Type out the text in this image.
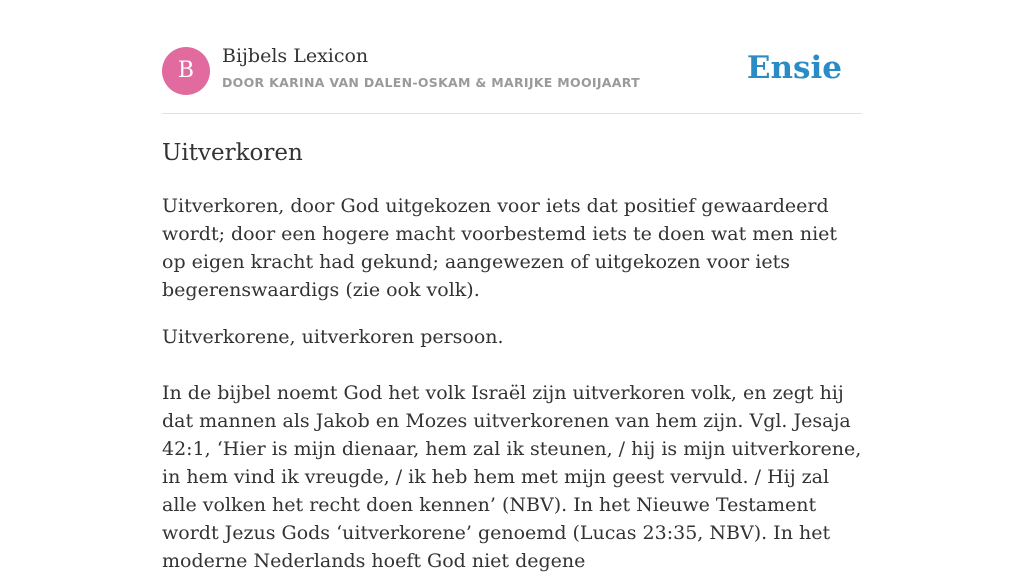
B
Bijbels Lexicon
DOOR KARINA VAN DALEN-OSKAM & MARIJKE MOOIJAART	Ensie
Uitverkoren

Uitverkoren, door God uitgekozen voor iets dat positief gewaardeerd wordt; door een hogere macht voorbestemd iets te doen wat men niet op eigen kracht had gekund; aangewezen of uitgekozen voor iets begerenswaardigs (zie ook volk).

Uitverkorene, uitverkoren persoon.

In de bijbel noemt God het volk Israël zijn uitverkoren volk, en zegt hij dat mannen als Jakob en Mozes uitverkorenen van hem zijn. Vgl. Jesaja 42:1, ‘Hier is mijn dienaar, hem zal ik steunen, / hij is mijn uitverkorene, in hem vind ik vreugde, / ik heb hem met mijn geest vervuld. / Hij zal alle volken het recht doen kennen’ (NBV). In het Nieuwe Testament wordt Jezus Gods ‘uitverkorene’ genoemd (Lucas 23:35, NBV). In het moderne Nederlands hoeft God niet degene
